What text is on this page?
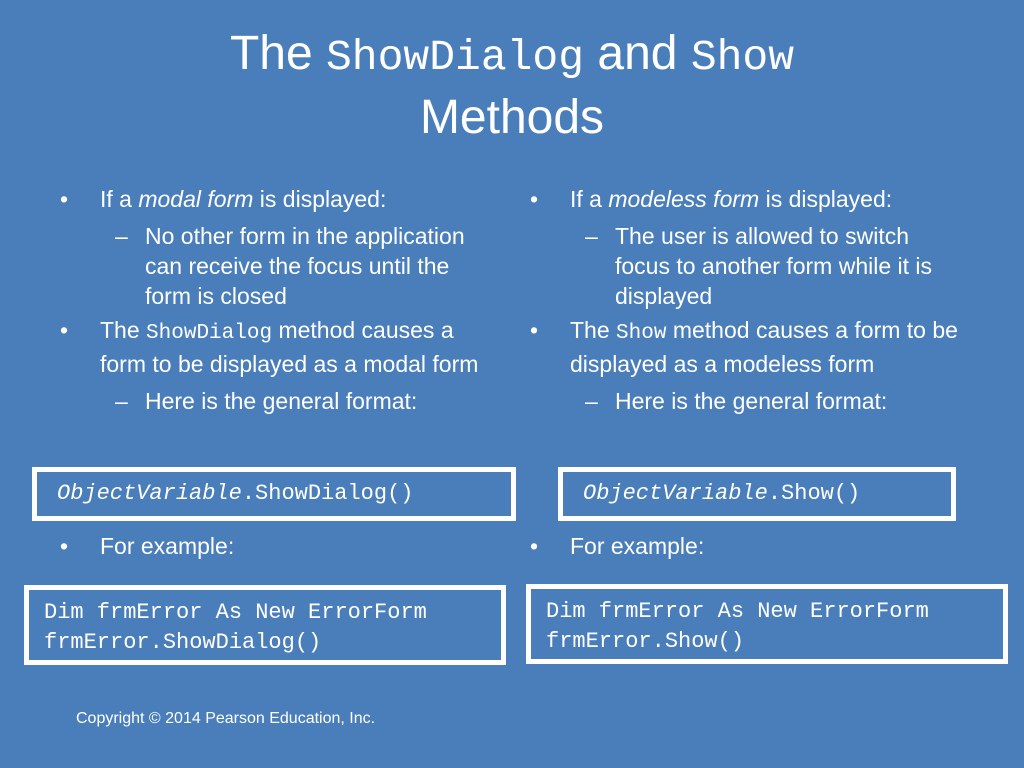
The ShowDialog and Show
Methods

• If a modal form is displayed:

– No other form in the application can receive the focus until the form is closed

• The ShowDialog method causes a form to be displayed as a modal form

– Here is the general format:

ObjectVariable.ShowDialog()
• For example:
Dim frmError As New ErrorForm
frmError.ShowDialog()

• If a modeless form is displayed:

– The user is allowed to switch focus to another form while it is displayed

• The Show method causes a form to be displayed as a modeless form

– Here is the general format:

ObjectVariable.Show()
• For example:
Dim frmError As New ErrorForm
frmError.Show()
Copyright © 2014 Pearson Education, Inc.
